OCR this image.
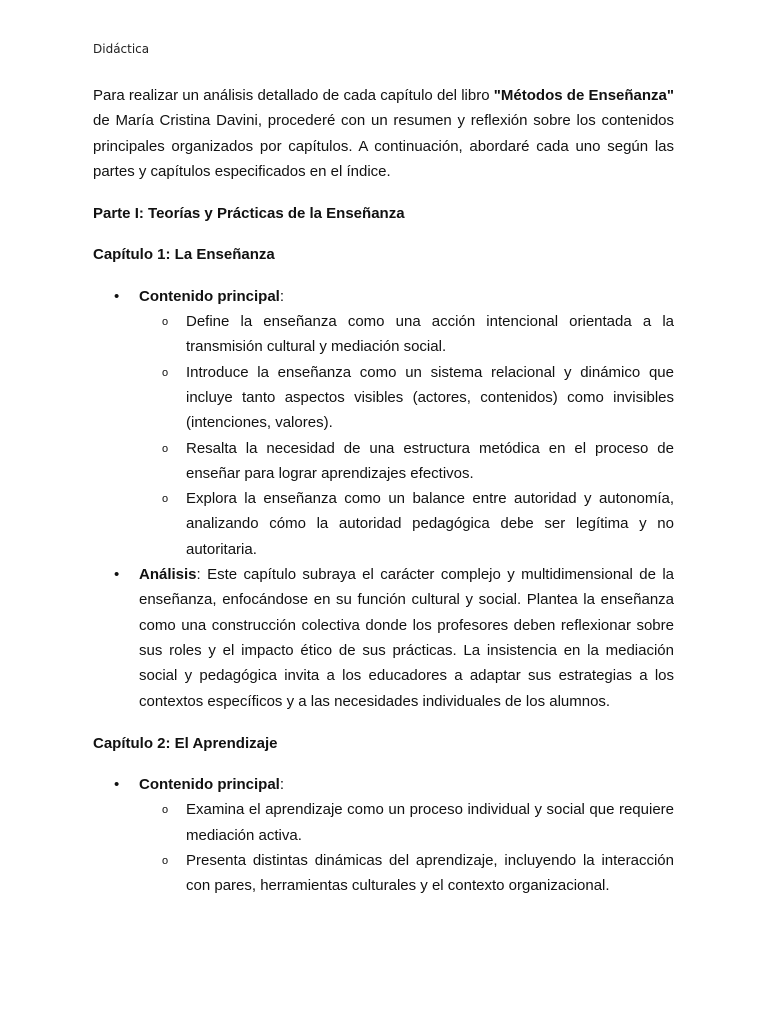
Didáctica

Para realizar un análisis detallado de cada capítulo del libro "Métodos de Enseñanza" de María Cristina Davini, procederé con un resumen y reflexión sobre los contenidos principales organizados por capítulos. A continuación, abordaré cada uno según las partes y capítulos especificados en el índice.

Parte I: Teorías y Prácticas de la Enseñanza

Capítulo 1: La Enseñanza

• Contenido principal:
o Define la enseñanza como una acción intencional orientada a la transmisión cultural y mediación social.
o Introduce la enseñanza como un sistema relacional y dinámico que incluye tanto aspectos visibles (actores, contenidos) como invisibles (intenciones, valores).
o Resalta la necesidad de una estructura metódica en el proceso de enseñar para lograr aprendizajes efectivos.
o Explora la enseñanza como un balance entre autoridad y autonomía, analizando cómo la autoridad pedagógica debe ser legítima y no autoritaria.
• Análisis: Este capítulo subraya el carácter complejo y multidimensional de la enseñanza, enfocándose en su función cultural y social. Plantea la enseñanza como una construcción colectiva donde los profesores deben reflexionar sobre sus roles y el impacto ético de sus prácticas. La insistencia en la mediación social y pedagógica invita a los educadores a adaptar sus estrategias a los contextos específicos y a las necesidades individuales de los alumnos.

Capítulo 2: El Aprendizaje

• Contenido principal:
o Examina el aprendizaje como un proceso individual y social que requiere mediación activa.
o Presenta distintas dinámicas del aprendizaje, incluyendo la interacción con pares, herramientas culturales y el contexto organizacional.
